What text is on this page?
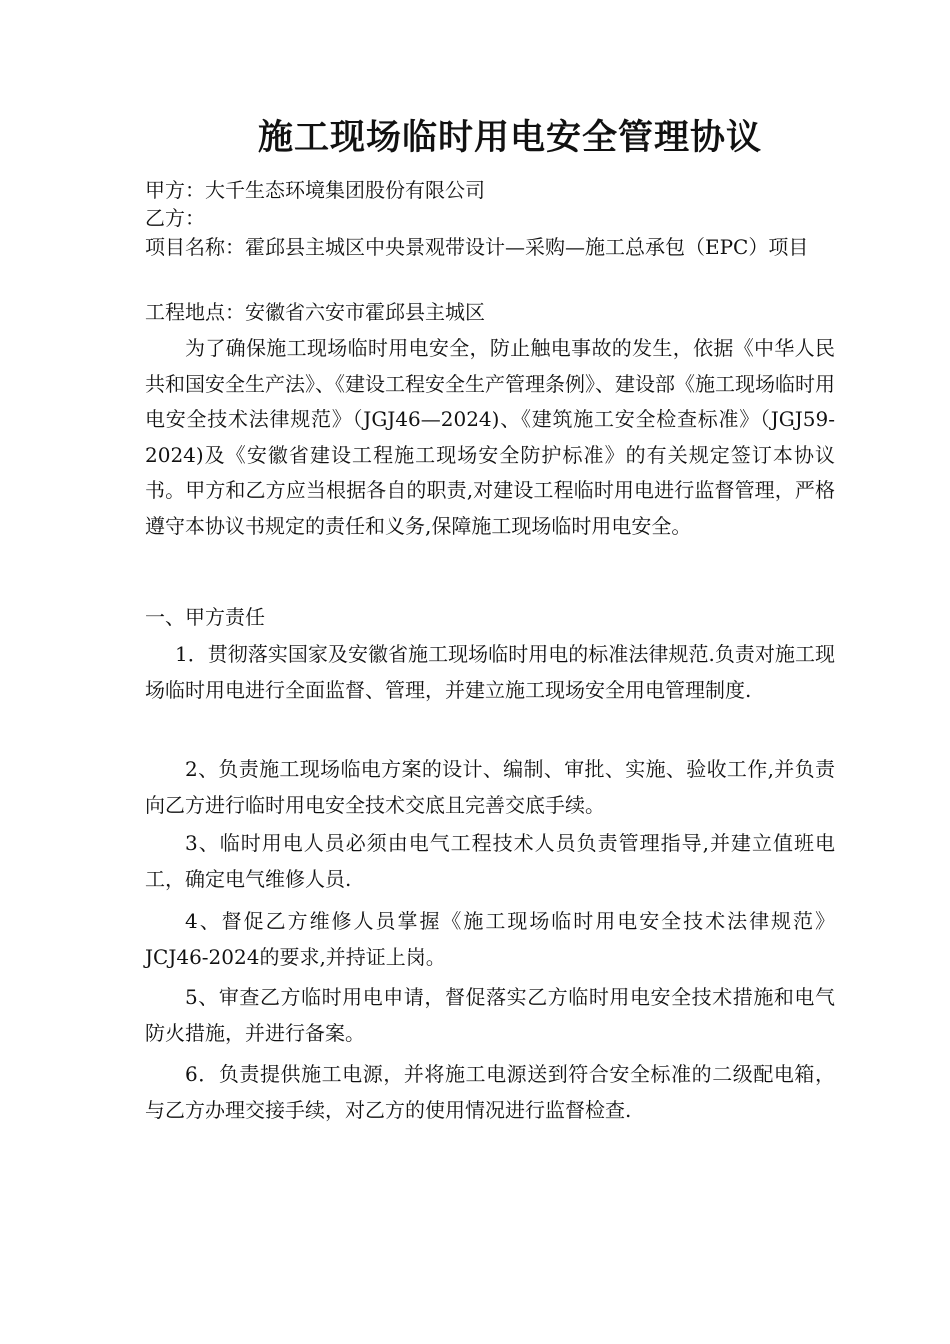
施工现场临时用电安全管理协议

甲方：大千生态环境集团股份有限公司

乙方：

项目名称：霍邱县主城区中央景观带设计—采购—施工总承包（EPC）项目

工程地点：安徽省六安市霍邱县主城区

为了确保施工现场临时用电安全，防止触电事故的发生，依据《中华人民共和国安全生产法》、《建设工程安全生产管理条例》、建设部《施工现场临时用电安全技术法律规范》（JGJ46—2024)、《建筑施工安全检查标准》（JGJ59-2024)及《安徽省建设工程施工现场安全防护标准》的有关规定签订本协议书。甲方和乙方应当根据各自的职责,对建设工程临时用电进行监督管理，严格遵守本协议书规定的责任和义务,保障施工现场临时用电安全。

一、甲方责任

1．贯彻落实国家及安徽省施工现场临时用电的标准法律规范.负责对施工现场临时用电进行全面监督、管理，并建立施工现场安全用电管理制度.

2、负责施工现场临电方案的设计、编制、审批、实施、验收工作,并负责向乙方进行临时用电安全技术交底且完善交底手续。

3、临时用电人员必须由电气工程技术人员负责管理指导,并建立值班电工，确定电气维修人员.

4、督促乙方维修人员掌握《施工现场临时用电安全技术法律规范》JCJ46-2024的要求,并持证上岗。

5、审查乙方临时用电申请，督促落实乙方临时用电安全技术措施和电气防火措施，并进行备案。

6．负责提供施工电源，并将施工电源送到符合安全标准的二级配电箱，与乙方办理交接手续，对乙方的使用情况进行监督检查.
